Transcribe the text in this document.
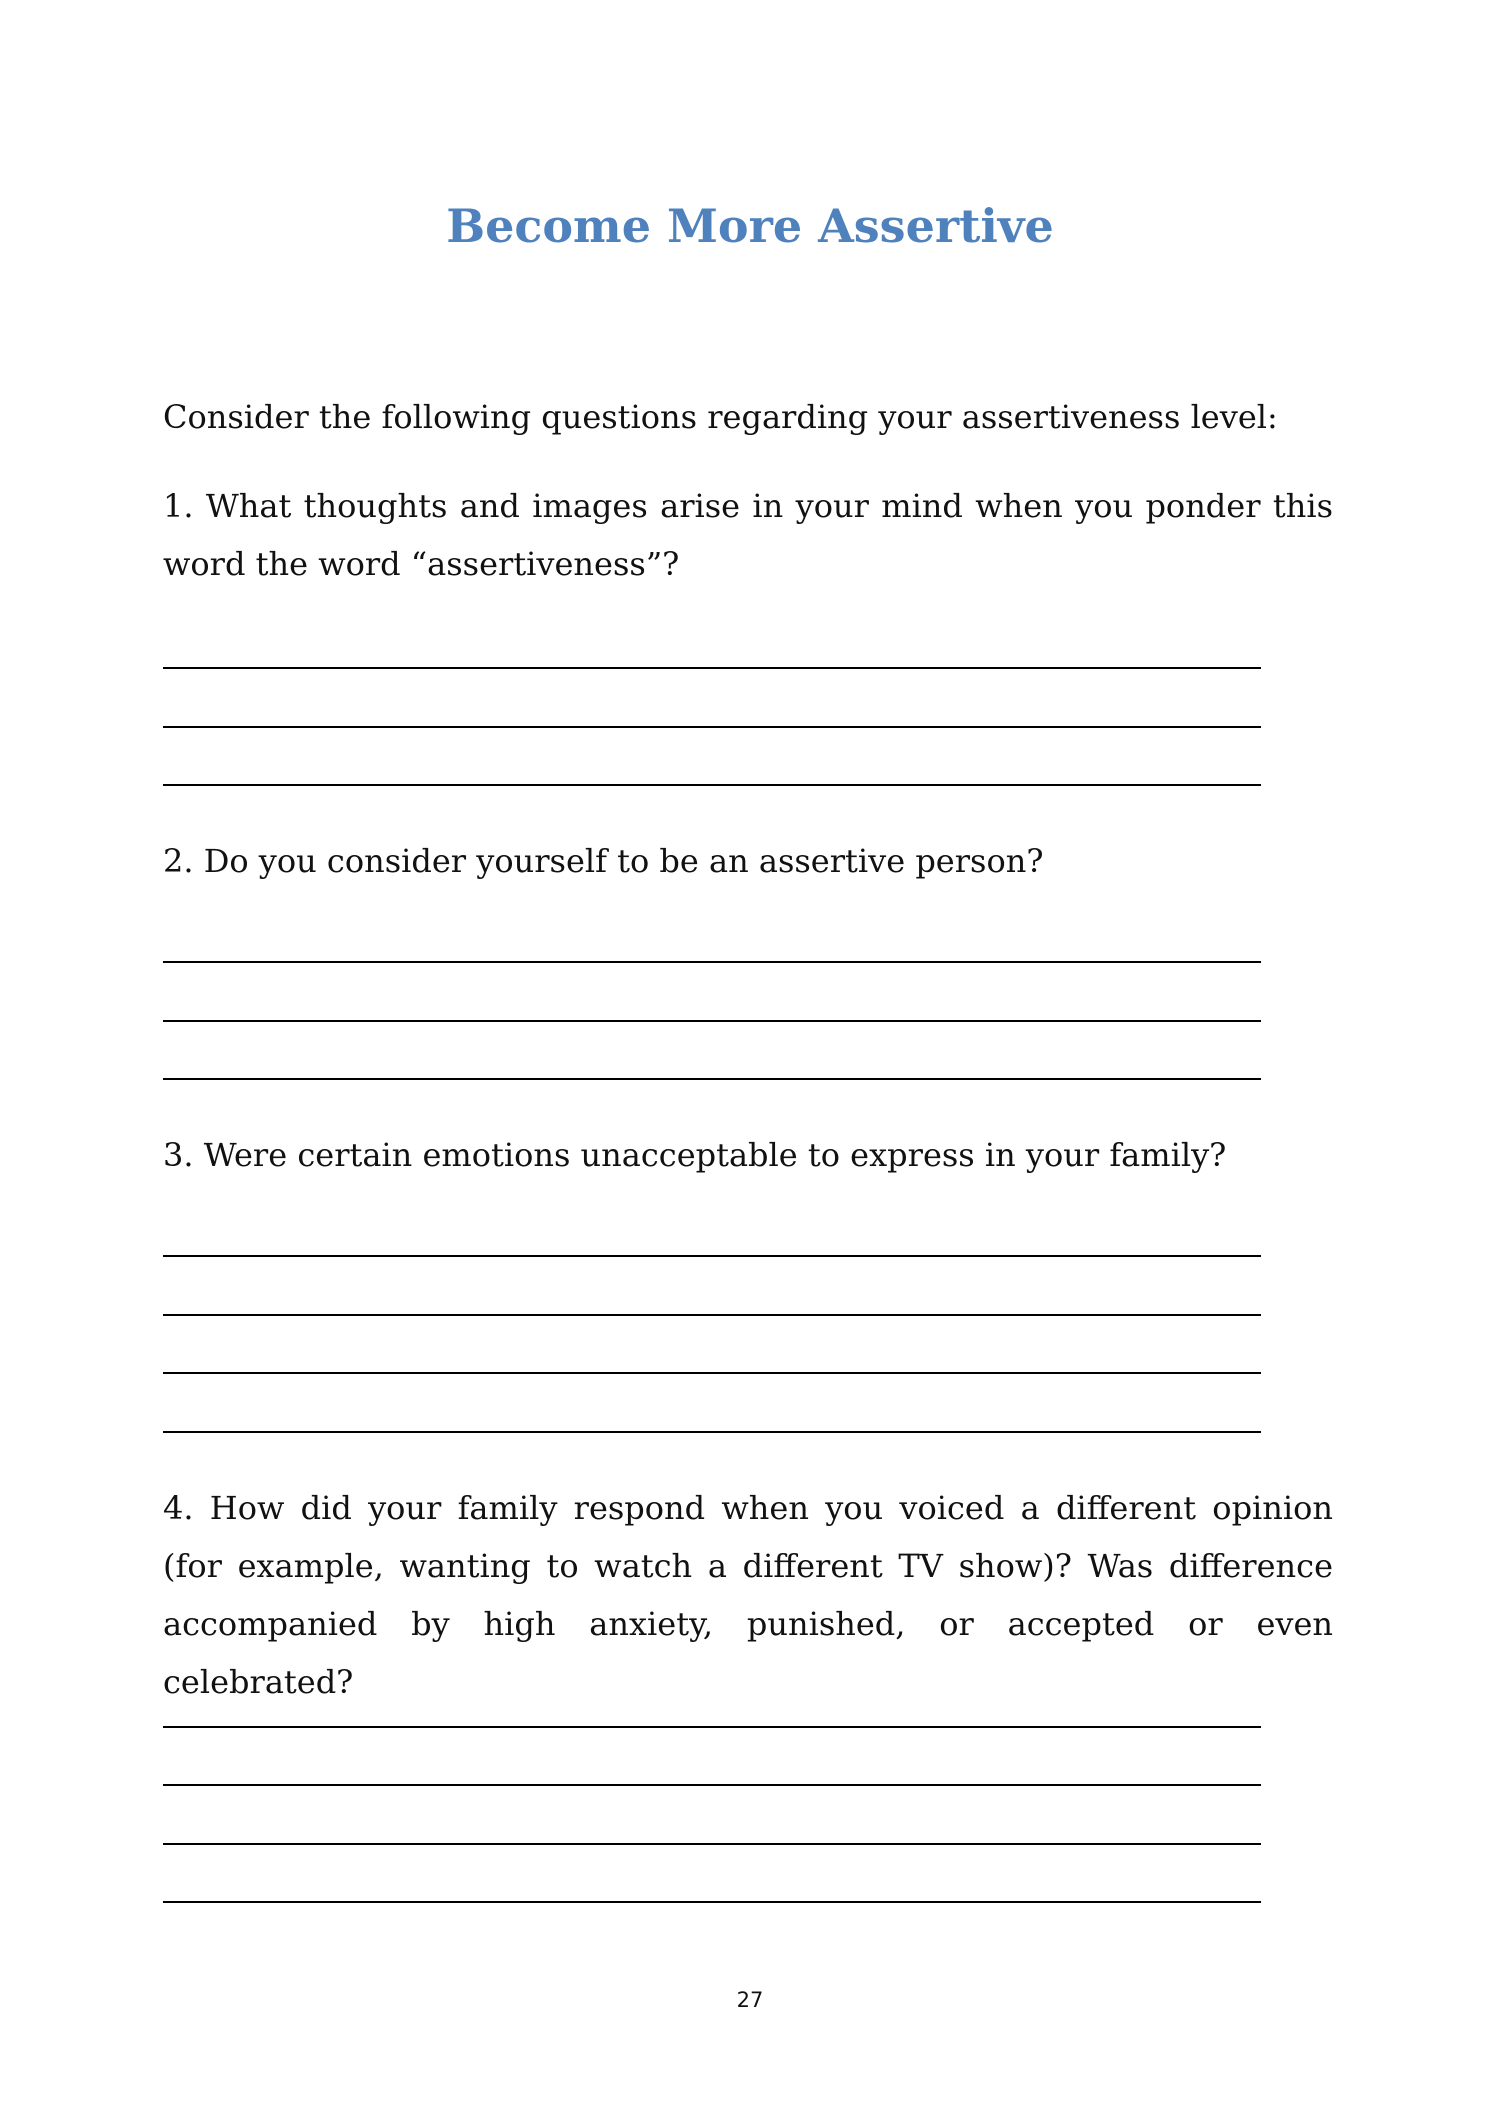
Become More Assertive

Consider the following questions regarding your assertiveness level:

1. What thoughts and images arise in your mind when you ponder this word the word “assertiveness”?

2. Do you consider yourself to be an assertive person?

3. Were certain emotions unacceptable to express in your family?

4. How did your family respond when you voiced a different opinion (for example, wanting to watch a different TV show)? Was difference accompanied by high anxiety, punished, or accepted or even celebrated?

27
